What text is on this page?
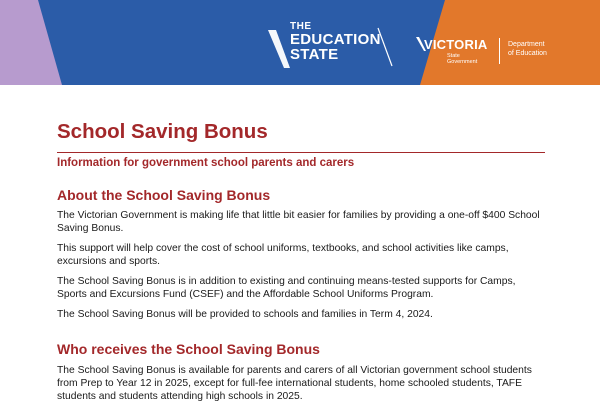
THE
EDUCATION
STATE
VICTORIA
State
Government
Department
of Education
School Saving Bonus
Information for government school parents and carers
About the School Saving Bonus

The Victorian Government is making life that little bit easier for families by providing a one-off $400 School Saving Bonus.

This support will help cover the cost of school uniforms, textbooks, and school activities like camps, excursions and sports.

The School Saving Bonus is in addition to existing and continuing means-tested supports for Camps, Sports and Excursions Fund (CSEF) and the Affordable School Uniforms Program.

The School Saving Bonus will be provided to schools and families in Term 4, 2024.

Who receives the School Saving Bonus

The School Saving Bonus is available for parents and carers of all Victorian government school students from Prep to Year 12 in 2025, except for full-fee international students, home schooled students, TAFE students and students attending high schools in 2025.
